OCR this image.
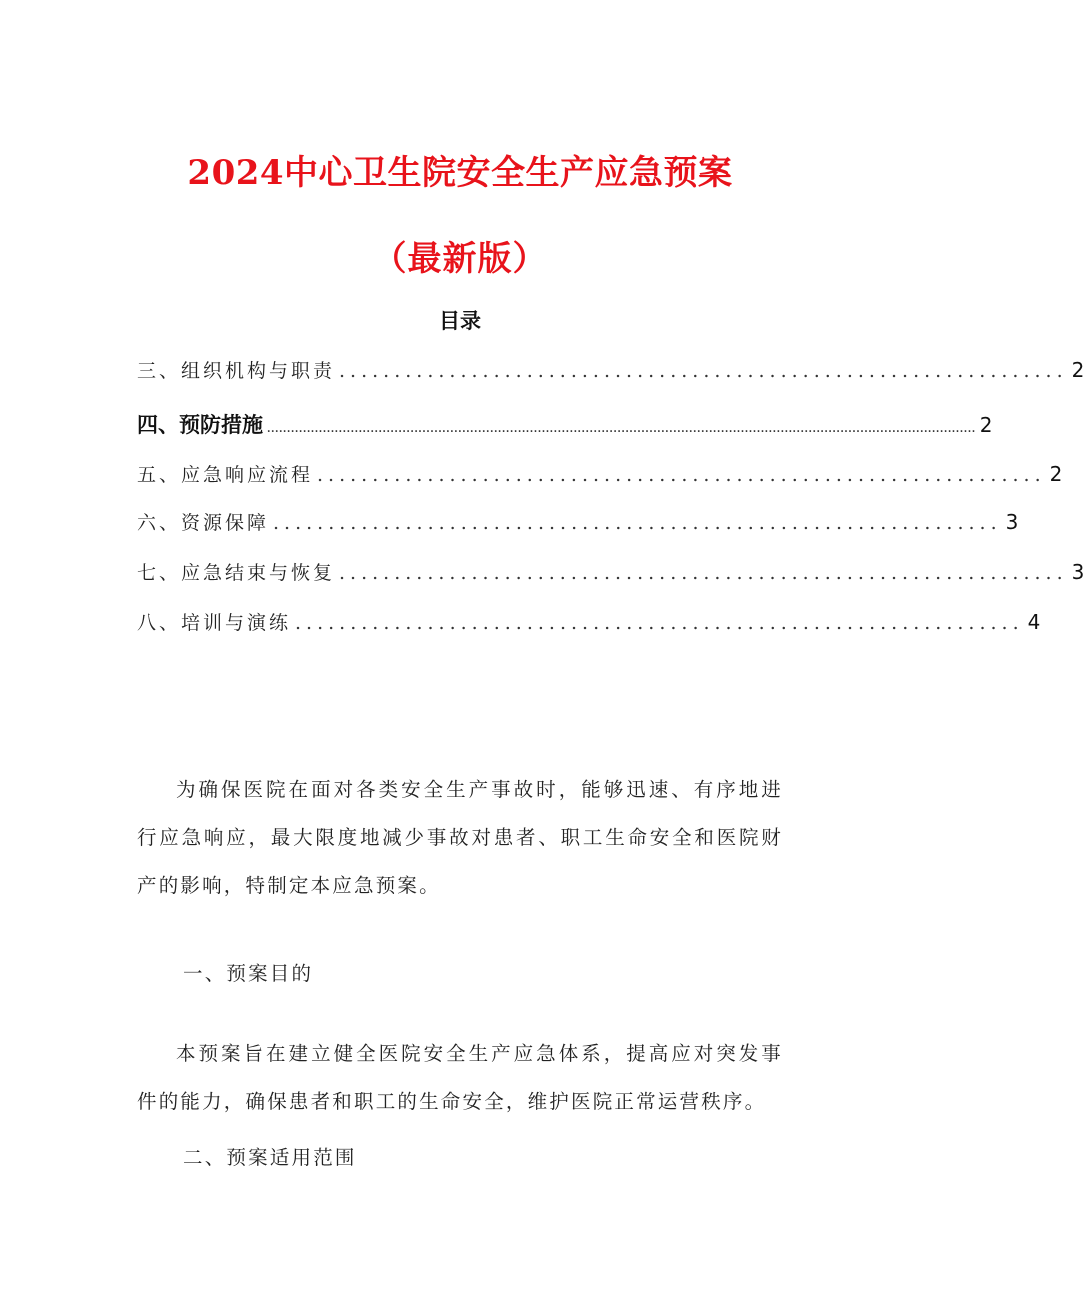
2024中心卫生院安全生产应急预案
（最新版）
目录
三、组织机构与职责 .................................................................. 2
四、预防措施 .................................................................................................................................................................................. 2
五、应急响应流程 .................................................................. 2
六、资源保障 .................................................................. 3
七、应急结束与恢复 .................................................................. 3
八、培训与演练 .................................................................. 4

为确保医院在面对各类安全生产事故时，能够迅速、有序地进行应急响应，最大限度地减少事故对患者、职工生命安全和医院财产的影响，特制定本应急预案。

一、预案目的

本预案旨在建立健全医院安全生产应急体系，提高应对突发事件的能力，确保患者和职工的生命安全，维护医院正常运营秩序。

二、预案适用范围
